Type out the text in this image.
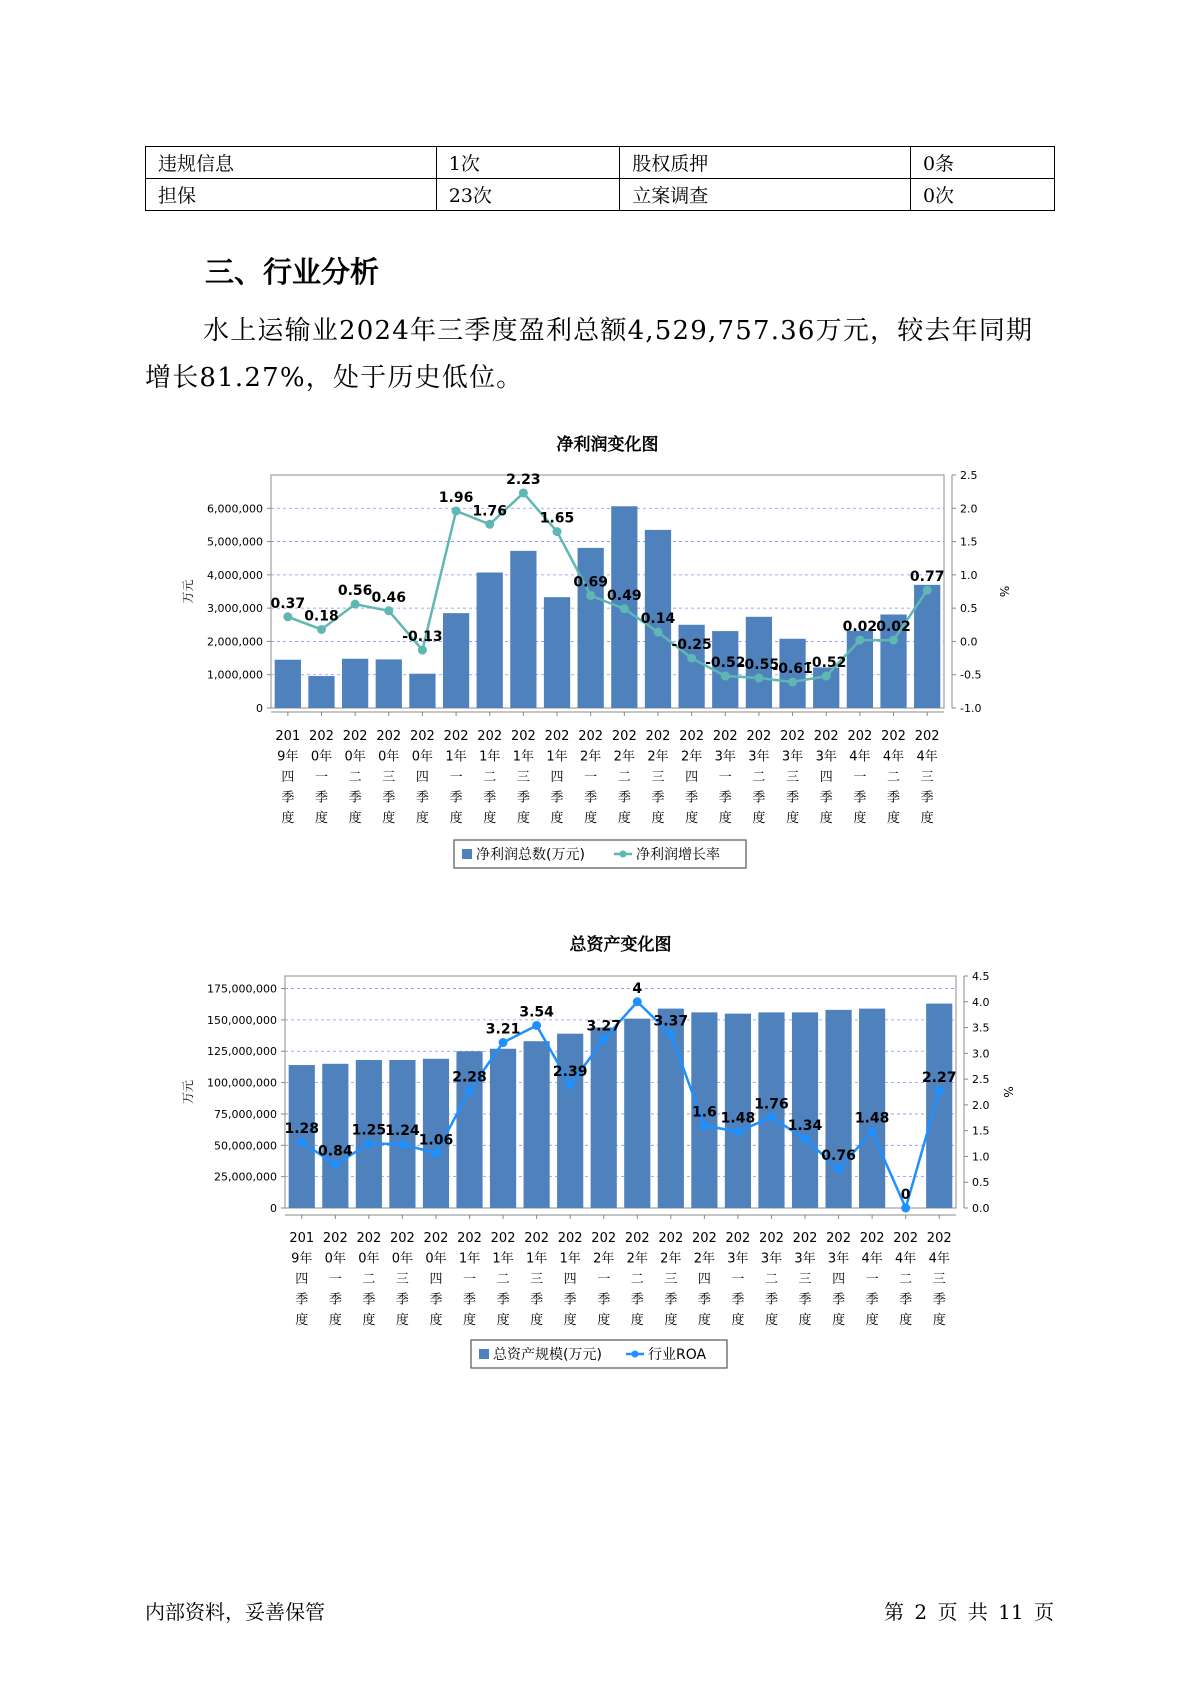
违规信息	1次	股权质押	0条
担保	23次	立案调查	0次
三、行业分析

水上运输业2024年三季度盈利总额4,529,757.36万元，较去年同期增长81.27%，处于历史低位。

净利润变化图
0
1,000,000
2,000,000
3,000,000
4,000,000
5,000,000
6,000,000
-1.0
-0.5
0.0
0.5
1.0
1.5
2.0
2.5
万元	%
201 9年四季度
202 0年一季度
202 0年二季度
202 0年三季度
202 0年四季度
202 1年一季度
202 1年二季度
202 1年三季度
202 1年四季度
202 2年一季度
202 2年二季度
202 2年三季度
202 2年四季度
202 3年一季度
202 3年二季度
202 3年三季度
202 3年四季度
202 4年一季度
202 4年二季度
202 4年三季度
0.37
0.18
0.56 0.46
-0.13
1.96
1.76
2.23
1.65
0.69
0.49
0.14
-0.25
-0.52
-0.55
-0.61
-0.52
0.02 0.02
0.77
净利润总数(万元)	净利润增长率
总资产变化图
0
25,000,000
50,000,000
75,000,000
100,000,000
125,000,000
150,000,000
175,000,000
0.0
0.5
1.0
1.5
2.0
2.5
3.0
3.5
4.0
4.5
万元	%
201 9年四季度
202 0年一季度
202 0年二季度
202 0年三季度
202 0年四季度
202 1年一季度
202 1年二季度
202 1年三季度
202 1年四季度
202 2年一季度
202 2年二季度
202 2年三季度
202 2年四季度
202 3年一季度
202 3年二季度
202 3年三季度
202 3年四季度
202 4年一季度
202 4年二季度
202 4年三季度
1.28
0.84
1.25 1.24
1.06
2.28
3.21
3.54
2.39
3.27
4
3.37
1.6 1.48
1.76
1.34
0.76
1.48
0
2.27
总资产规模(万元)	行业ROA
内部资料，妥善保管	第 2 页 共 11 页
